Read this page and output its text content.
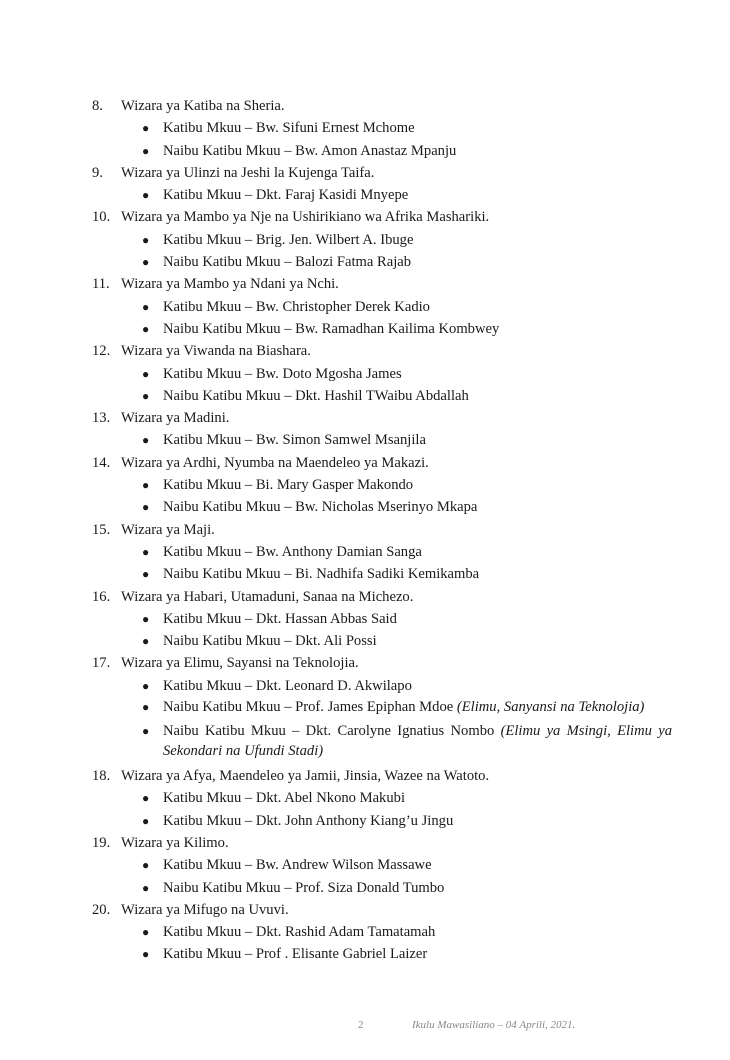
8.	Wizara ya Katiba na Sheria.
● Katibu Mkuu – Bw. Sifuni Ernest Mchome
● Naibu Katibu Mkuu – Bw. Amon Anastaz Mpanju
9.	Wizara ya Ulinzi na Jeshi la Kujenga Taifa.
● Katibu Mkuu – Dkt. Faraj Kasidi Mnyepe
10. Wizara ya Mambo ya Nje na Ushirikiano wa Afrika Mashariki.
● Katibu Mkuu – Brig. Jen. Wilbert A. Ibuge
● Naibu Katibu Mkuu – Balozi Fatma Rajab
11. Wizara ya Mambo ya Ndani ya Nchi.
● Katibu Mkuu – Bw. Christopher Derek Kadio
● Naibu Katibu Mkuu – Bw. Ramadhan Kailima Kombwey
12. Wizara ya Viwanda na Biashara.
● Katibu Mkuu – Bw. Doto Mgosha James
● Naibu Katibu Mkuu – Dkt. Hashil TWaibu Abdallah
13. Wizara ya Madini.
● Katibu Mkuu – Bw. Simon Samwel Msanjila
14. Wizara ya Ardhi, Nyumba na Maendeleo ya Makazi.
● Katibu Mkuu – Bi. Mary Gasper Makondo
● Naibu Katibu Mkuu – Bw. Nicholas Mserinyo Mkapa
15. Wizara ya Maji.
● Katibu Mkuu – Bw. Anthony Damian Sanga
● Naibu Katibu Mkuu – Bi. Nadhifa Sadiki Kemikamba
16. Wizara ya Habari, Utamaduni, Sanaa na Michezo.
● Katibu Mkuu – Dkt. Hassan Abbas Said
● Naibu Katibu Mkuu – Dkt. Ali Possi
17. Wizara ya Elimu, Sayansi na Teknolojia.
● Katibu Mkuu – Dkt. Leonard D. Akwilapo
● Naibu Katibu Mkuu – Prof. James Epiphan Mdoe (Elimu, Sanyansi na Teknolojia)
● Naibu Katibu Mkuu – Dkt. Carolyne Ignatius Nombo (Elimu ya Msingi, Elimu ya Sekondari na Ufundi Stadi)
18. Wizara ya Afya, Maendeleo ya Jamii, Jinsia, Wazee na Watoto.
● Katibu Mkuu – Dkt. Abel Nkono Makubi
● Katibu Mkuu – Dkt. John Anthony Kiang’u Jingu
19. Wizara ya Kilimo.
● Katibu Mkuu – Bw. Andrew Wilson Massawe
● Naibu Katibu Mkuu – Prof. Siza Donald Tumbo
20. Wizara ya Mifugo na Uvuvi.
● Katibu Mkuu – Dkt. Rashid Adam Tamatamah
● Katibu Mkuu – Prof . Elisante Gabriel Laizer
2	Ikulu Mawasiliano – 04 Aprili, 2021.
